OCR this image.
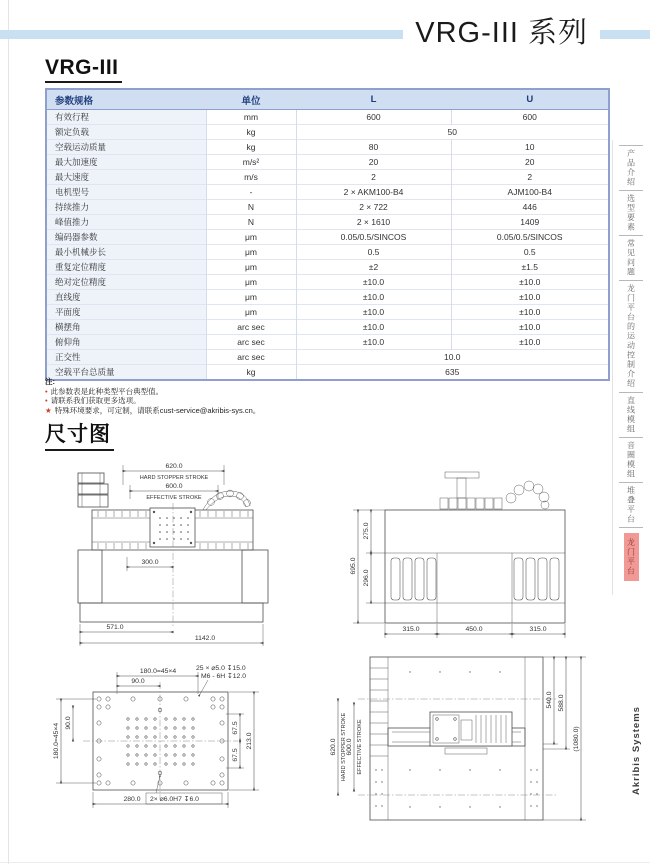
VRG-III 系列
VRG-III
参数规格	单位	L	U
有效行程	mm	600	600
额定负载	kg	50	
空载运动质量	kg	80	10
最大加速度	m/s²	20	20
最大速度	m/s	2	2
电机型号	-	2 × AKM100-B4	AJM100-B4
持续推力	N	2 × 722	446
峰值推力	N	2 × 1610	1409
编码器参数	μm	0.05/0.5/SINCOS	0.05/0.5/SINCOS
最小机械步长	μm	0.5	0.5
重复定位精度	μm	±2	±1.5
绝对定位精度	μm	±10.0	±10.0
直线度	μm	±10.0	±10.0
平面度	μm	±10.0	±10.0
横摆角	arc sec	±10.0	±10.0
俯仰角	arc sec	±10.0	±10.0
正交性	arc sec	10.0	
空载平台总质量	kg	635	
注:
• 此参数表是此种类型平台典型值。
• 请联系我们获取更多选项。
★ 特殊环境要求，可定制，请联系cust-service@akribis-sys.cn。
尺寸图
620.0
HARD STOPPER STROKE
600.0
EFFECTIVE STROKE
300.0
571.0
1142.0
695.0
275.0
296.0
315.0	450.0	315.0
180.0=45×4
90.0
180.0=45×4 90.0	67.5
67.5
213.0
280.0
25 × ⌀5.0 ↧15.0
M6 - 6H ↧12.0
2× ⌀6.0H7 ↧6.0
620.0 HARD STOPPER STROKE 600.0 EFFECTIVE STROKE
540.0 588.0
(1080.0)
产品介绍
选型要素
常见问题
龙门平台的运动控制介绍
直线模组
音圈模组
堆叠平台
龙门平台
Akribis Systems
